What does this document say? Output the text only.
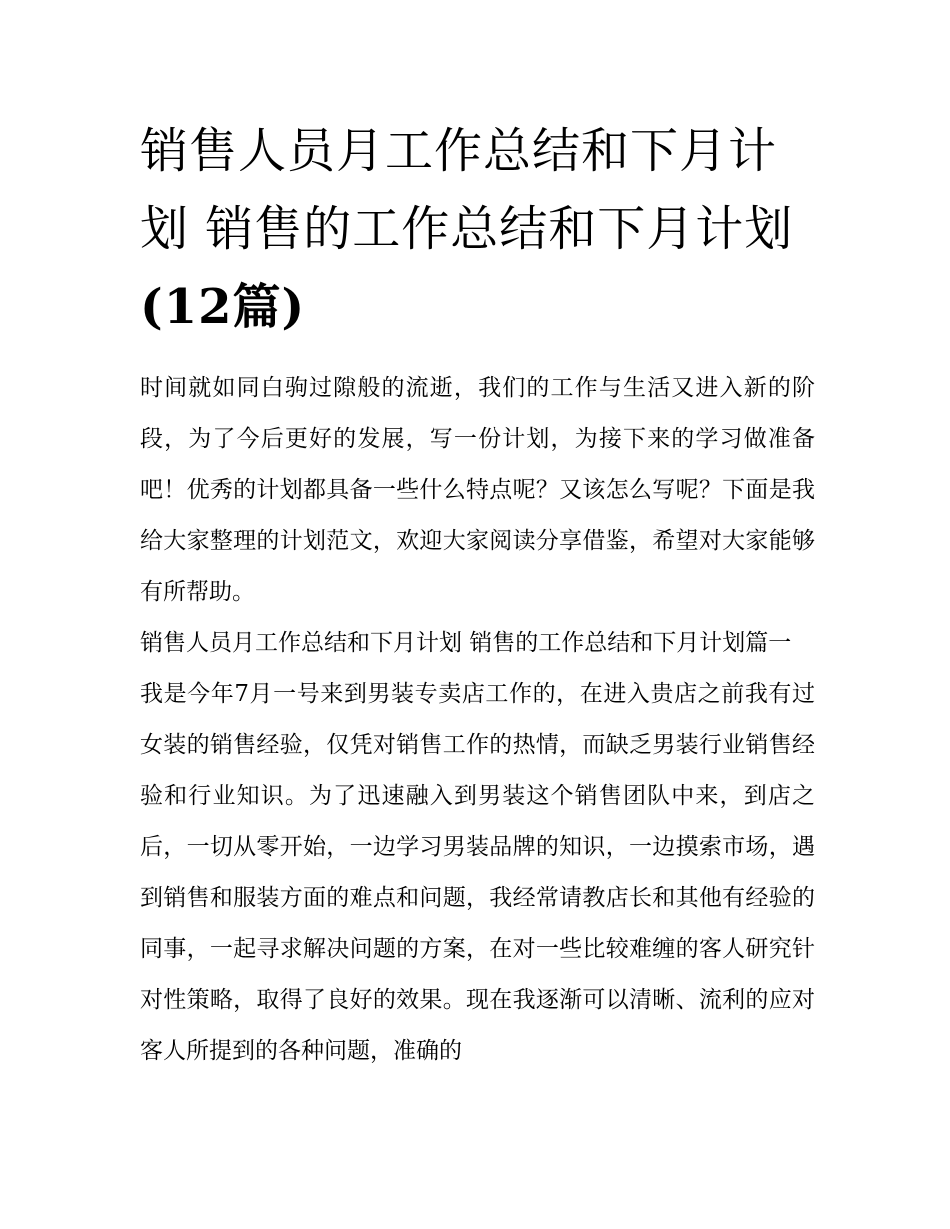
销售人员月工作总结和下月计划 销售的工作总结和下月计划(12篇)

时间就如同白驹过隙般的流逝，我们的工作与生活又进入新的阶段，为了今后更好的发展，写一份计划，为接下来的学习做准备吧！优秀的计划都具备一些什么特点呢？又该怎么写呢？下面是我给大家整理的计划范文，欢迎大家阅读分享借鉴，希望对大家能够有所帮助。

销售人员月工作总结和下月计划 销售的工作总结和下月计划篇一

我是今年7月一号来到男装专卖店工作的，在进入贵店之前我有过女装的销售经验，仅凭对销售工作的热情，而缺乏男装行业销售经验和行业知识。为了迅速融入到男装这个销售团队中来，到店之后，一切从零开始，一边学习男装品牌的知识，一边摸索市场，遇到销售和服装方面的难点和问题，我经常请教店长和其他有经验的同事，一起寻求解决问题的方案，在对一些比较难缠的客人研究针对性策略，取得了良好的效果。现在我逐渐可以清晰、流利的应对客人所提到的各种问题，准确的
